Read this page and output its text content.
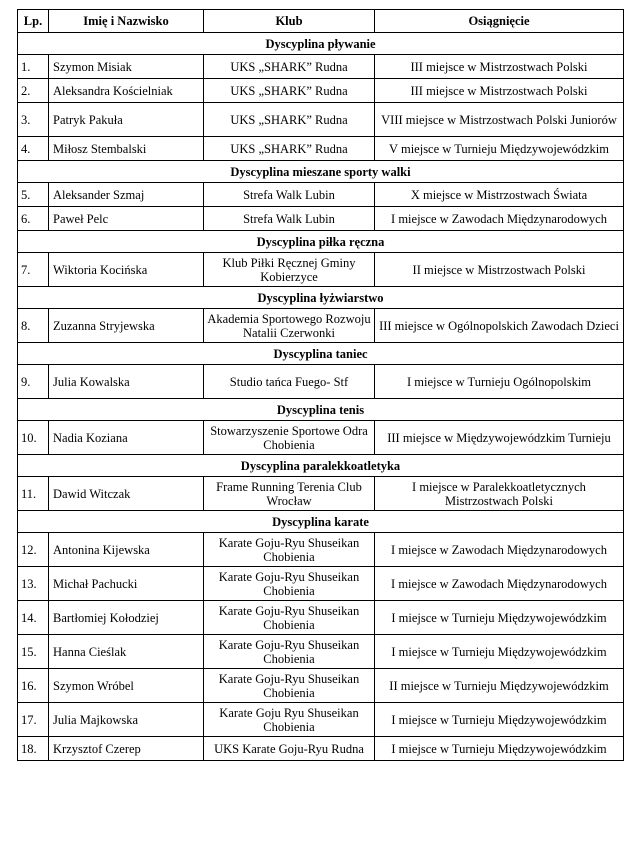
Lp.	Imię i Nazwisko	Klub	Osiągnięcie
Dyscyplina pływanie			
1.	Szymon Misiak	UKS „SHARK” Rudna	III miejsce w Mistrzostwach Polski
2.	Aleksandra Kościelniak	UKS „SHARK” Rudna	III miejsce w Mistrzostwach Polski
3.	Patryk Pakuła	UKS „SHARK” Rudna	VIII miejsce w Mistrzostwach Polski Juniorów
4.	Miłosz Stembalski	UKS „SHARK” Rudna	V miejsce w Turnieju Międzywojewódzkim
Dyscyplina mieszane sporty walki			
5.	Aleksander Szmaj	Strefa Walk Lubin	X miejsce w Mistrzostwach Świata
6.	Paweł Pelc	Strefa Walk Lubin	I miejsce w Zawodach Międzynarodowych
Dyscyplina piłka ręczna			
7.	Wiktoria Kocińska	Klub Piłki Ręcznej Gminy Kobierzyce	II miejsce w Mistrzostwach Polski
Dyscyplina łyżwiarstwo			
8.	Zuzanna Stryjewska	Akademia Sportowego Rozwoju Natalii Czerwonki	III miejsce w Ogólnopolskich Zawodach Dzieci
Dyscyplina taniec			
9.	Julia Kowalska	Studio tańca Fuego- Stf	I miejsce w Turnieju Ogólnopolskim
Dyscyplina tenis			
10.	Nadia Koziana	Stowarzyszenie Sportowe Odra Chobienia	III miejsce w Międzywojewódzkim Turnieju
Dyscyplina paralekkoatletyka			
11.	Dawid Witczak	Frame Running Terenia Club Wrocław	I miejsce w Paralekkoatletycznych Mistrzostwach Polski
Dyscyplina karate			
12.	Antonina Kijewska	Karate Goju-Ryu Shuseikan Chobienia	I miejsce w Zawodach Międzynarodowych
13.	Michał Pachucki	Karate Goju-Ryu Shuseikan Chobienia	I miejsce w Zawodach Międzynarodowych
14.	Bartłomiej Kołodziej	Karate Goju-Ryu Shuseikan Chobienia	I miejsce w Turnieju Międzywojewódzkim
15.	Hanna Cieślak	Karate Goju-Ryu Shuseikan Chobienia	I miejsce w Turnieju Międzywojewódzkim
16.	Szymon Wróbel	Karate Goju-Ryu Shuseikan Chobienia	II miejsce w Turnieju Międzywojewódzkim
17.	Julia Majkowska	Karate Goju Ryu Shuseikan Chobienia	I miejsce w Turnieju Międzywojewódzkim
18.	Krzysztof Czerep	UKS Karate Goju-Ryu Rudna	I miejsce w Turnieju Międzywojewódzkim
